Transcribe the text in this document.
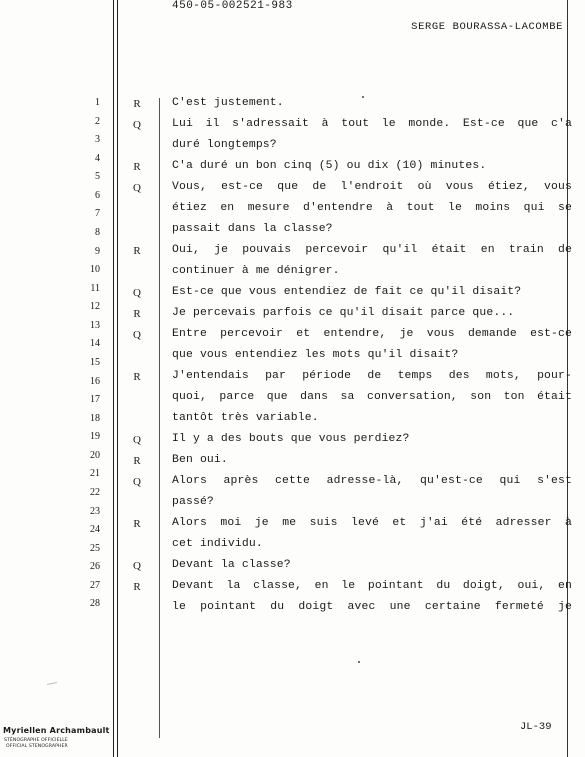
450-05-002521-983
SERGE BOURASSA-LACOMBE
1
2
3
4
5
6
7
8
9
10
11
12
13
14
15
16
17
18
19
20
21
22
23
24
25
26
27
28
R	C'est justement.
Q	Lui il s'adressait à tout le monde. Est-ce que c'a
duré longtemps?
R	C'a duré un bon cinq (5) ou dix (10) minutes.
Q	Vous, est-ce que de l'endroit où vous étiez, vous
étiez en mesure d'entendre à tout le moins qui se
passait dans la classe?
R	Oui, je pouvais percevoir qu'il était en train de
continuer à me dénigrer.
Q	Est-ce que vous entendiez de fait ce qu'il disait?
R	Je percevais parfois ce qu'il disait parce que...
Q	Entre percevoir et entendre, je vous demande est-ce
que vous entendiez les mots qu'il disait?
R	J'entendais par période de temps des mots, pour-
quoi, parce que dans sa conversation, son ton était
tantôt très variable.
Q	Il y a des bouts que vous perdiez?
R	Ben oui.
Q	Alors après cette adresse-là, qu'est-ce qui s'est
passé?
R	Alors moi je me suis levé et j'ai été adresser à
cet individu.
Q	Devant la classe?
R	Devant la classe, en le pointant du doigt, oui, en
le pointant du doigt avec une certaine fermeté je
JL-39
Myriellen Archambault
STÉNOGRAPHE OFFICIELLE
OFFICIAL STENOGRAPHER
